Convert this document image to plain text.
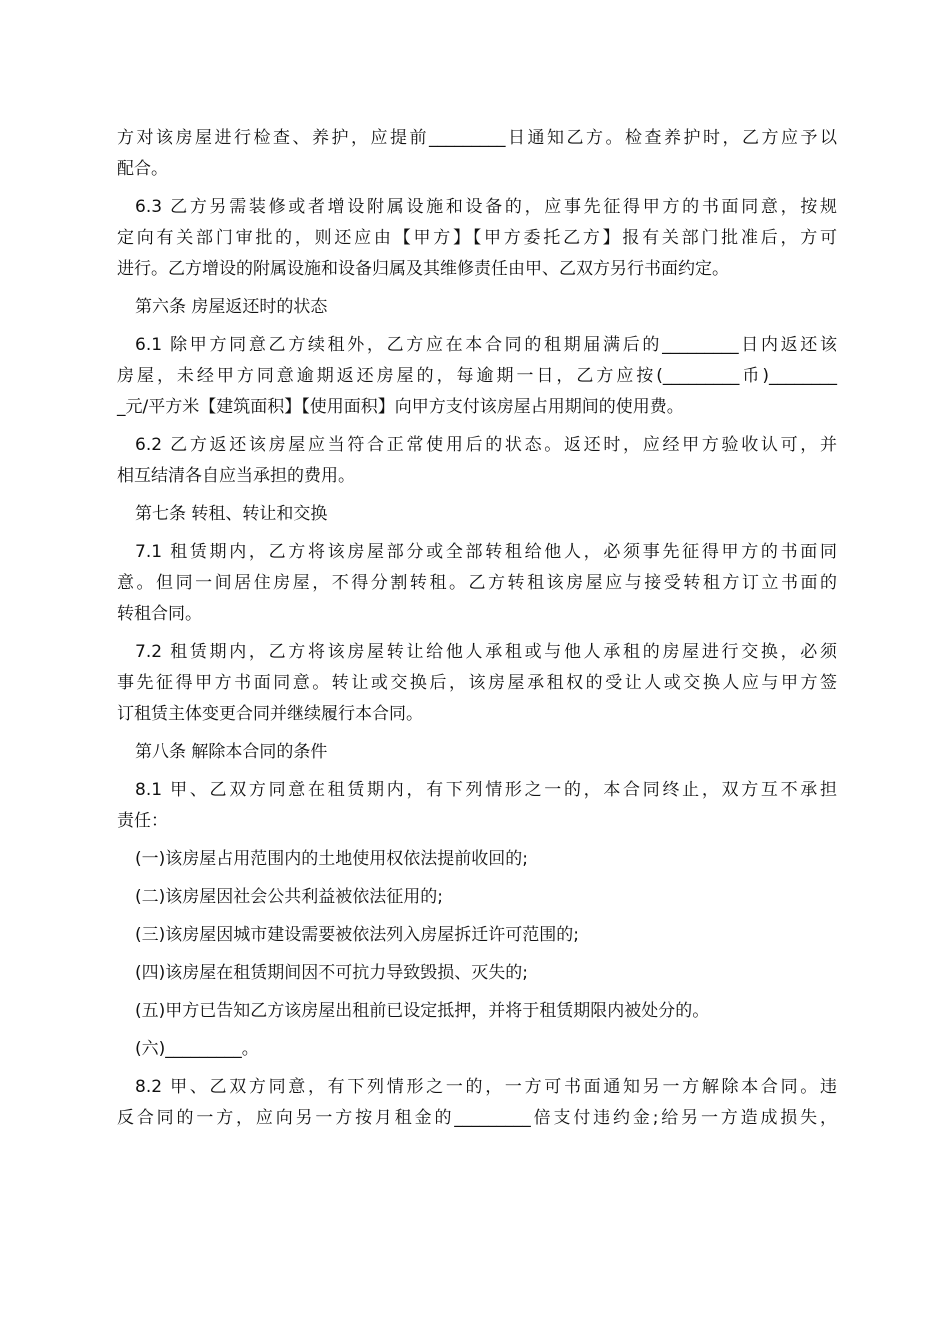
方对该房屋进行检查、养护，应提前_________日通知乙方。检查养护时，乙方应予以
配合。
6.3 乙方另需装修或者增设附属设施和设备的，应事先征得甲方的书面同意，按规
定向有关部门审批的，则还应由【甲方】【甲方委托乙方】报有关部门批准后，方可
进行。乙方增设的附属设施和设备归属及其维修责任由甲、乙双方另行书面约定。
第六条 房屋返还时的状态
6.1 除甲方同意乙方续租外，乙方应在本合同的租期届满后的_________日内返还该
房屋，未经甲方同意逾期返还房屋的，每逾期一日，乙方应按(_________币)________
_元/平方米【建筑面积】【使用面积】向甲方支付该房屋占用期间的使用费。
6.2 乙方返还该房屋应当符合正常使用后的状态。返还时，应经甲方验收认可，并
相互结清各自应当承担的费用。
第七条 转租、转让和交换
7.1 租赁期内，乙方将该房屋部分或全部转租给他人，必须事先征得甲方的书面同
意。但同一间居住房屋，不得分割转租。乙方转租该房屋应与接受转租方订立书面的
转租合同。
7.2 租赁期内，乙方将该房屋转让给他人承租或与他人承租的房屋进行交换，必须
事先征得甲方书面同意。转让或交换后，该房屋承租权的受让人或交换人应与甲方签
订租赁主体变更合同并继续履行本合同。
第八条 解除本合同的条件
8.1 甲、乙双方同意在租赁期内，有下列情形之一的，本合同终止，双方互不承担
责任：
(一)该房屋占用范围内的土地使用权依法提前收回的;
(二)该房屋因社会公共利益被依法征用的;
(三)该房屋因城市建设需要被依法列入房屋拆迁许可范围的;
(四)该房屋在租赁期间因不可抗力导致毁损、灭失的;
(五)甲方已告知乙方该房屋出租前已设定抵押，并将于租赁期限内被处分的。
(六)_________。
8.2 甲、乙双方同意，有下列情形之一的，一方可书面通知另一方解除本合同。违
反合同的一方，应向另一方按月租金的_________倍支付违约金;给另一方造成损失，
